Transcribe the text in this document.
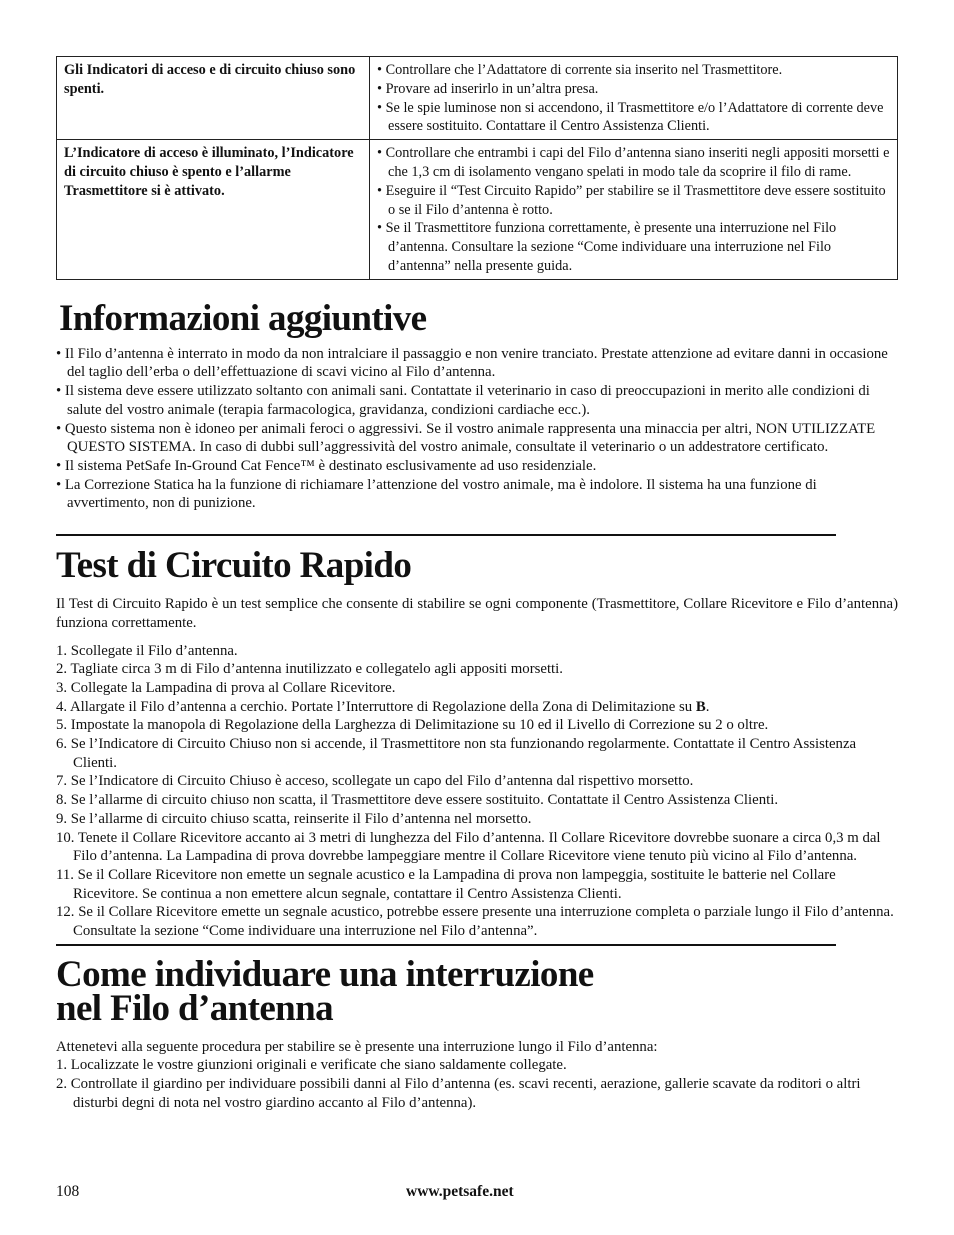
Gli Indicatori di acceso e di circuito chiuso sono spenti.	• Controllare che l’Adattatore di corrente sia inserito nel Trasmettitore.
• Provare ad inserirlo in un’altra presa.
• Se le spie luminose non si accendono, il Trasmettitore e/o l’Adattatore di corrente deve essere sostituito. Contattare il Centro Assistenza Clienti.

L’Indicatore di acceso è illuminato, l’Indicatore di circuito chiuso è spento e l’allarme Trasmettitore si è attivato.	• Controllare che entrambi i capi del Filo d’antenna siano inseriti negli appositi morsetti e che 1,3 cm di isolamento vengano spelati in modo tale da scoprire il filo di rame.
• Eseguire il “Test Circuito Rapido” per stabilire se il Trasmettitore deve essere sostituito o se il Filo d’antenna è rotto.
• Se il Trasmettitore funziona correttamente, è presente una interruzione nel Filo d’antenna. Consultare la sezione “Come individuare una interruzione nel Filo d’antenna” nella presente guida.
Informazioni aggiuntive
• Il Filo d’antenna è interrato in modo da non intralciare il passaggio e non venire tranciato. Prestate attenzione ad evitare danni in occasione del taglio dell’erba o dell’effettuazione di scavi vicino al Filo d’antenna.
• Il sistema deve essere utilizzato soltanto con animali sani. Contattate il veterinario in caso di preoccupazioni in merito alle condizioni di salute del vostro animale (terapia farmacologica, gravidanza, condizioni cardiache ecc.).
• Questo sistema non è idoneo per animali feroci o aggressivi. Se il vostro animale rappresenta una minaccia per altri, NON UTILIZZATE QUESTO SISTEMA. In caso di dubbi sull’aggressività del vostro animale, consultate il veterinario o un addestratore certificato.
• Il sistema PetSafe In-Ground Cat Fence™ è destinato esclusivamente ad uso residenziale.
• La Correzione Statica ha la funzione di richiamare l’attenzione del vostro animale, ma è indolore. Il sistema ha una funzione di avvertimento, non di punizione.
Test di Circuito Rapido
Il Test di Circuito Rapido è un test semplice che consente di stabilire se ogni componente (Trasmettitore, Collare Ricevitore e Filo d’antenna) funziona correttamente.
1. Scollegate il Filo d’antenna.
2. Tagliate circa 3 m di Filo d’antenna inutilizzato e collegatelo agli appositi morsetti.
3. Collegate la Lampadina di prova al Collare Ricevitore.
4. Allargate il Filo d’antenna a cerchio. Portate l’Interruttore di Regolazione della Zona di Delimitazione su B.
5. Impostate la manopola di Regolazione della Larghezza di Delimitazione su 10 ed il Livello di Correzione su 2 o oltre.
6. Se l’Indicatore di Circuito Chiuso non si accende, il Trasmettitore non sta funzionando regolarmente. Contattate il Centro Assistenza Clienti.
7. Se l’Indicatore di Circuito Chiuso è acceso, scollegate un capo del Filo d’antenna dal rispettivo morsetto.
8. Se l’allarme di circuito chiuso non scatta, il Trasmettitore deve essere sostituito. Contattate il Centro Assistenza Clienti.
9. Se l’allarme di circuito chiuso scatta, reinserite il Filo d’antenna nel morsetto.
10. Tenete il Collare Ricevitore accanto ai 3 metri di lunghezza del Filo d’antenna. Il Collare Ricevitore dovrebbe suonare a circa 0,3 m dal Filo d’antenna. La Lampadina di prova dovrebbe lampeggiare mentre il Collare Ricevitore viene tenuto più vicino al Filo d’antenna.
11. Se il Collare Ricevitore non emette un segnale acustico e la Lampadina di prova non lampeggia, sostituite le batterie nel Collare Ricevitore. Se continua a non emettere alcun segnale, contattare il Centro Assistenza Clienti.
12. Se il Collare Ricevitore emette un segnale acustico, potrebbe essere presente una interruzione completa o parziale lungo il Filo d’antenna. Consultate la sezione “Come individuare una interruzione nel Filo d’antenna”.
Come individuare una interruzione
nel Filo d’antenna
Attenetevi alla seguente procedura per stabilire se è presente una interruzione lungo il Filo d’antenna:
1. Localizzate le vostre giunzioni originali e verificate che siano saldamente collegate.
2. Controllate il giardino per individuare possibili danni al Filo d’antenna (es. scavi recenti, aerazione, gallerie scavate da roditori o altri disturbi degni di nota nel vostro giardino accanto al Filo d’antenna).
108	www.petsafe.net
